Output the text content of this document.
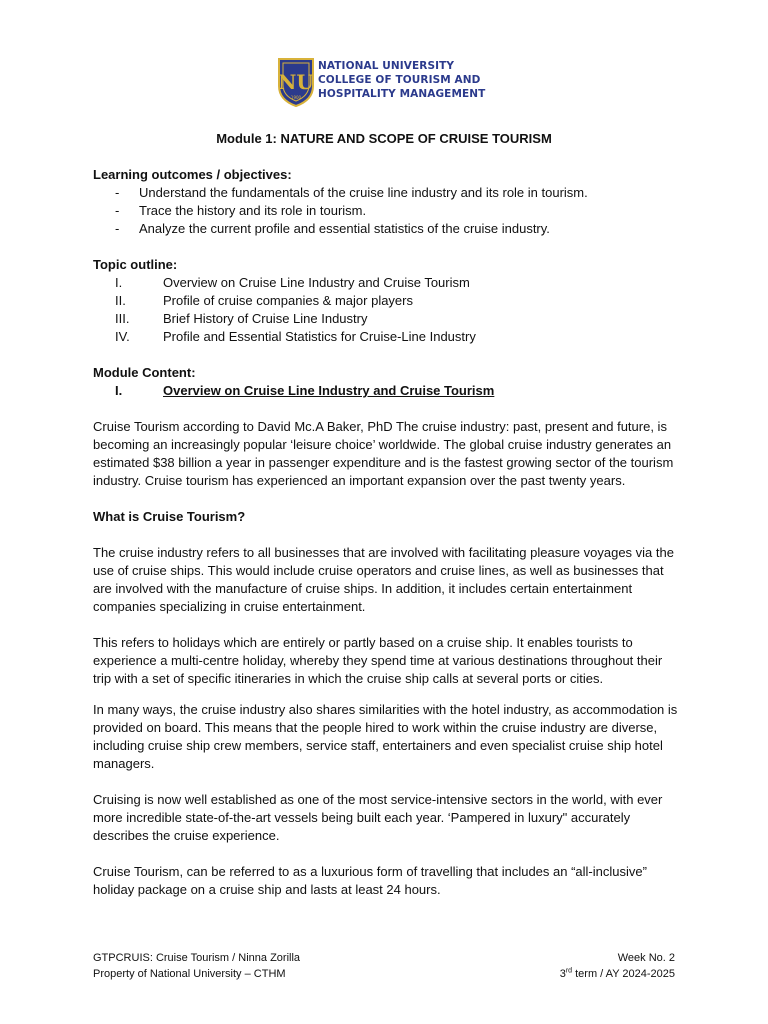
NU
1900
NATIONAL UNIVERSITY
COLLEGE OF TOURISM AND
HOSPITALITY MANAGEMENT
Module 1: NATURE AND SCOPE OF CRUISE TOURISM

Learning outcomes / objectives:

-	Understand the fundamentals of the cruise line industry and its role in tourism.
-	Trace the history and its role in tourism.
-	Analyze the current profile and essential statistics of the cruise industry.

Topic outline:

I.	Overview on Cruise Line Industry and Cruise Tourism
II.	Profile of cruise companies & major players
III.	Brief History of Cruise Line Industry
IV.	Profile and Essential Statistics for Cruise-Line Industry

Module Content:

I.	Overview on Cruise Line Industry and Cruise Tourism

Cruise Tourism according to David Mc.A Baker, PhD The cruise industry: past, present and future, is becoming an increasingly popular ‘leisure choice’ worldwide. The global cruise industry generates an estimated $38 billion a year in passenger expenditure and is the fastest growing sector of the tourism industry. Cruise tourism has experienced an important expansion over the past twenty years.

What is Cruise Tourism?

The cruise industry refers to all businesses that are involved with facilitating pleasure voyages via the use of cruise ships. This would include cruise operators and cruise lines, as well as businesses that are involved with the manufacture of cruise ships. In addition, it includes certain entertainment companies specializing in cruise entertainment.

This refers to holidays which are entirely or partly based on a cruise ship. It enables tourists to experience a multi-centre holiday, whereby they spend time at various destinations throughout their trip with a set of specific itineraries in which the cruise ship calls at several ports or cities.

In many ways, the cruise industry also shares similarities with the hotel industry, as accommodation is provided on board. This means that the people hired to work within the cruise industry are diverse, including cruise ship crew members, service staff, entertainers and even specialist cruise ship hotel managers.

Cruising is now well established as one of the most service-intensive sectors in the world, with ever more incredible state-of-the-art vessels being built each year. ‘Pampered in luxury" accurately describes the cruise experience.

Cruise Tourism, can be referred to as a luxurious form of travelling that includes an “all-inclusive” holiday package on a cruise ship and lasts at least 24 hours.

GTPCRUIS: Cruise Tourism / Ninna Zorilla	Week No. 2
Property of National University – CTHM	3rd term / AY 2024-2025
